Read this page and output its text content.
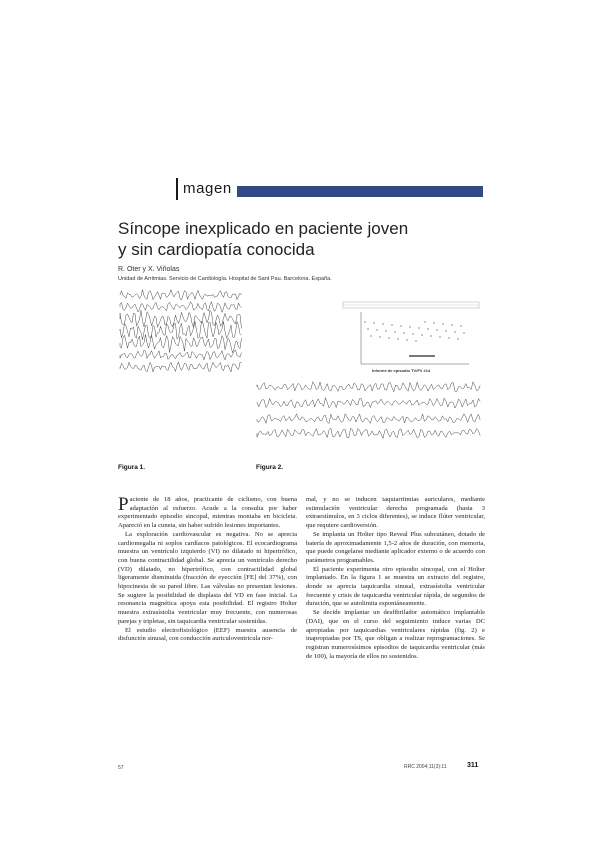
magen
Síncope inexplicado en paciente joven y sin cardiopatía conocida
R. Oter y X. Viñolas
Unidad de Arritmias. Servicio de Cardiología. Hospital de Sant Pau. Barcelona. España.
Informe de episodio TV/FV #14
Figura 1.	Figura 2.

Paciente de 18 años, practicante de ciclismo, con buena adaptación al esfuerzo. Acude a la consulta por haber experimentado episodio sincopal, mientras montaba en bicicleta. Apareció en la cuneta, sin haber sufrido lesiones importantes.

La exploración cardiovascular es negativa. No se aprecia cardiomegalia ni soplos cardíacos patológicos. El ecocardiograma muestra un ventrículo izquierdo (VI) no dilatado ni hipertrófico, con buena contractilidad global. Se aprecia un ventrículo derecho (VD) dilatado, no hipertrófico, con contractilidad global ligeramente disminuida (fracción de eyección [FE] del 37%), con hipocinesia de su pared libre. Las válvulas no presentan lesiones. Se sugiere la posibilidad de displasia del VD en fase inicial. La resonancia magnética apoya esta posibilidad. El registro Holter muestra extrasístolia ventricular muy frecuente, con numerosas parejas y tripletas, sin taquicardia ventricular sostenidas.

El estudio electrofisiológico (EEF) muestra ausencia de disfunción sinusal, con conducción auriculoventricula nor-

mal, y no se inducen taquiarritmias auriculares, mediante estimulación ventricular derecha programada (hasta 3 extraestímulos, en 3 ciclos diferentes), se induce flúter ventricular, que requiere cardioversión.

Se implanta un Holter tipo Reveal Plus subcutáneo, dotado de batería de aproximadamente 1,5-2 años de duración, con memoria, que puede congelarse mediante aplicador externo o de acuerdo con parámetros programables.

El paciente experimenta otro episodio sincopal, con el Holter implantado. En la figura 1 se muestra un extracto del registro, donde se aprecia taquicardia sinusal, extrasístolia ventricular frecuente y crisis de taquicardia ventricular rápida, de segundos de duración, que se autolimita espontáneamente.

Se decide implantar un desfibrilador automático implantable (DAI), que en el curso del seguimiento induce varias DC apropiadas por taquicardias ventriculares rápidas (fig. 2) e inapropiadas por TS, que obligan a realizar reprogramaciones. Se registran numerosísimos episodios de taquicardia ventricular (más de 100), la mayoría de ellos no sostenidos.

57	RRC 2004;11(3):11	311
